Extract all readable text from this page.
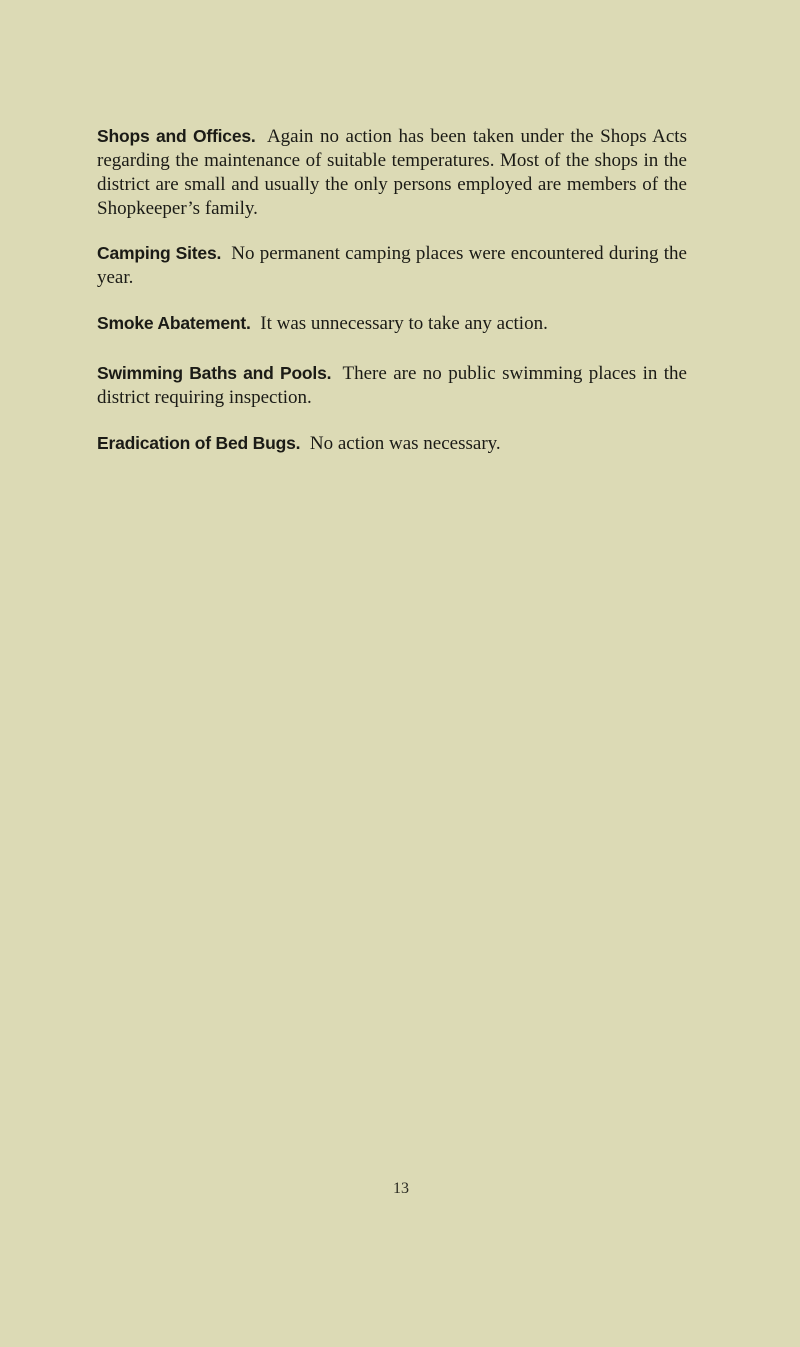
Shops and Offices. Again no action has been taken under the Shops Acts regarding the maintenance of suitable temperatures. Most of the shops in the district are small and usually the only persons employed are members of the Shopkeeper’s family.

Camping Sites. No permanent camping places were encountered during the year.

Smoke Abatement. It was unnecessary to take any action.

Swimming Baths and Pools. There are no public swimming places in the district requiring inspection.

Eradication of Bed Bugs. No action was necessary.

13
